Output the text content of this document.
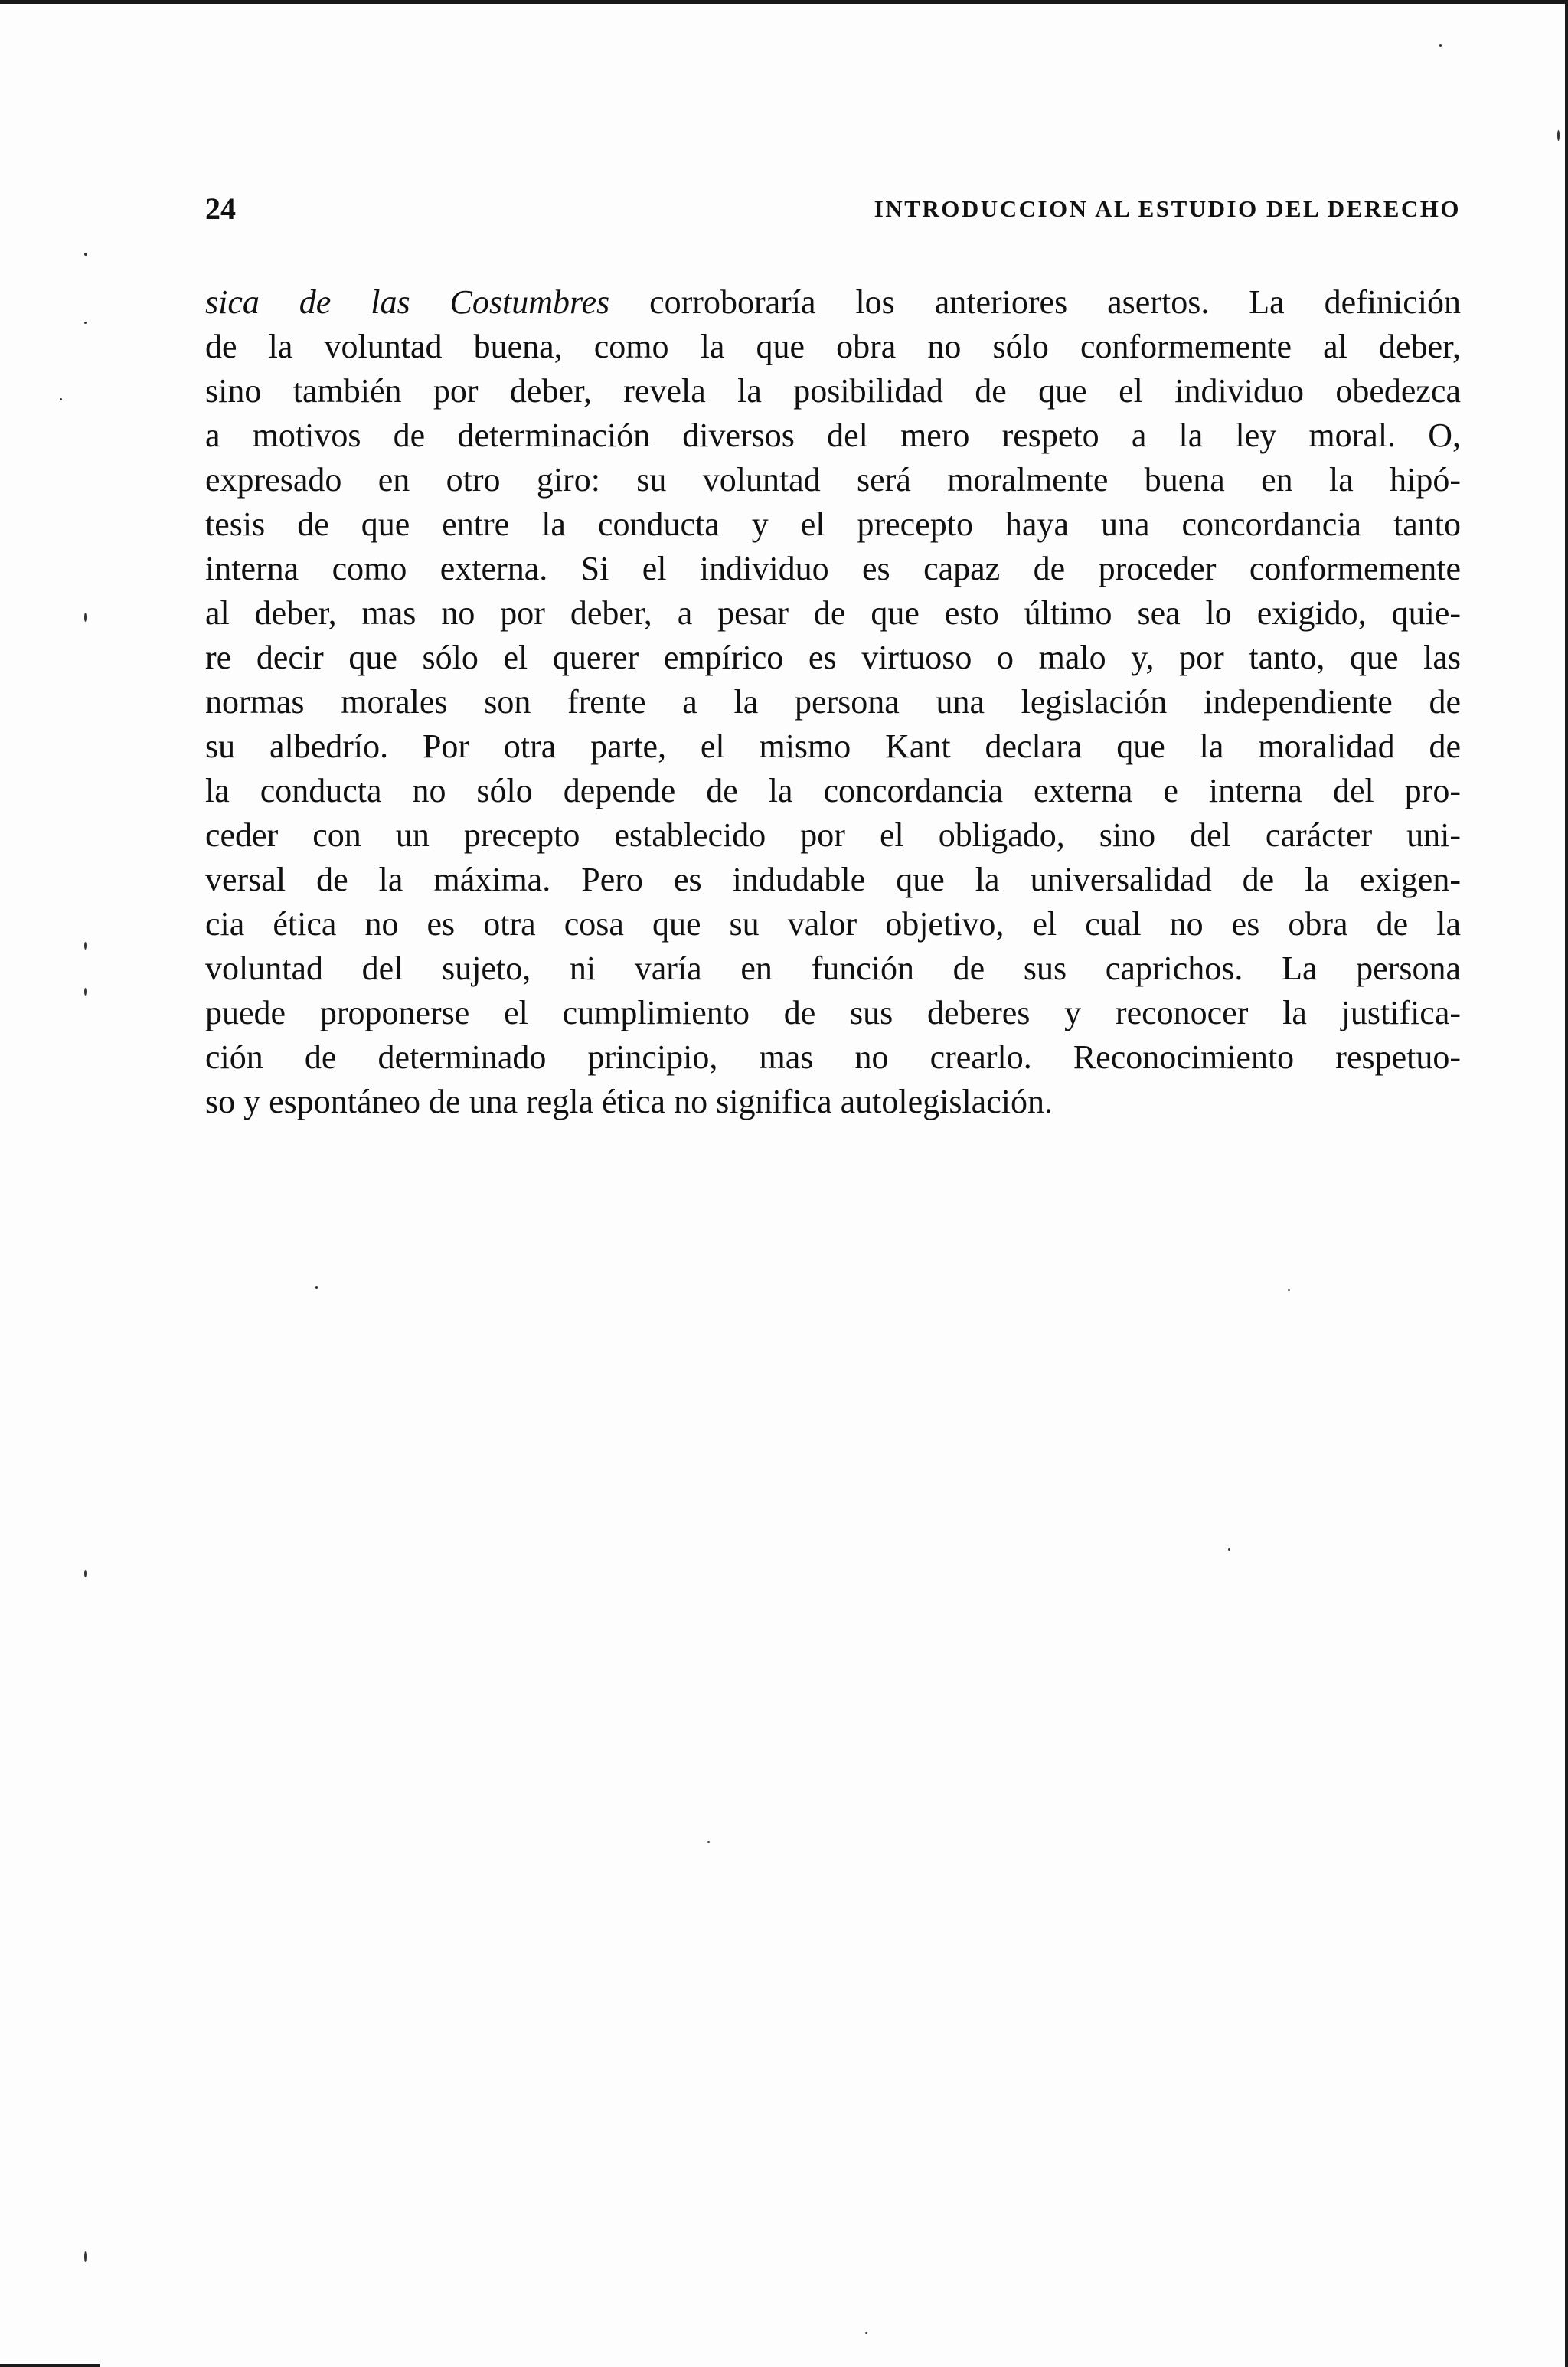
24	INTRODUCCION AL ESTUDIO DEL DERECHO
sica de las Costumbres corroboraría los anteriores asertos. La definición
de la voluntad buena, como la que obra no sólo conformemente al deber,
sino también por deber, revela la posibilidad de que el individuo obedezca
a motivos de determinación diversos del mero respeto a la ley moral. O,
expresado en otro giro: su voluntad será moralmente buena en la hipó-
tesis de que entre la conducta y el precepto haya una concordancia tanto
interna como externa. Si el individuo es capaz de proceder conformemente
al deber, mas no por deber, a pesar de que esto último sea lo exigido, quie-
re decir que sólo el querer empírico es virtuoso o malo y, por tanto, que las
normas morales son frente a la persona una legislación independiente de
su albedrío. Por otra parte, el mismo Kant declara que la moralidad de
la conducta no sólo depende de la concordancia externa e interna del pro-
ceder con un precepto establecido por el obligado, sino del carácter uni-
versal de la máxima. Pero es indudable que la universalidad de la exigen-
cia ética no es otra cosa que su valor objetivo, el cual no es obra de la
voluntad del sujeto, ni varía en función de sus caprichos. La persona
puede proponerse el cumplimiento de sus deberes y reconocer la justifica-
ción de determinado principio, mas no crearlo. Reconocimiento respetuo-
so y espontáneo de una regla ética no significa autolegislación.
